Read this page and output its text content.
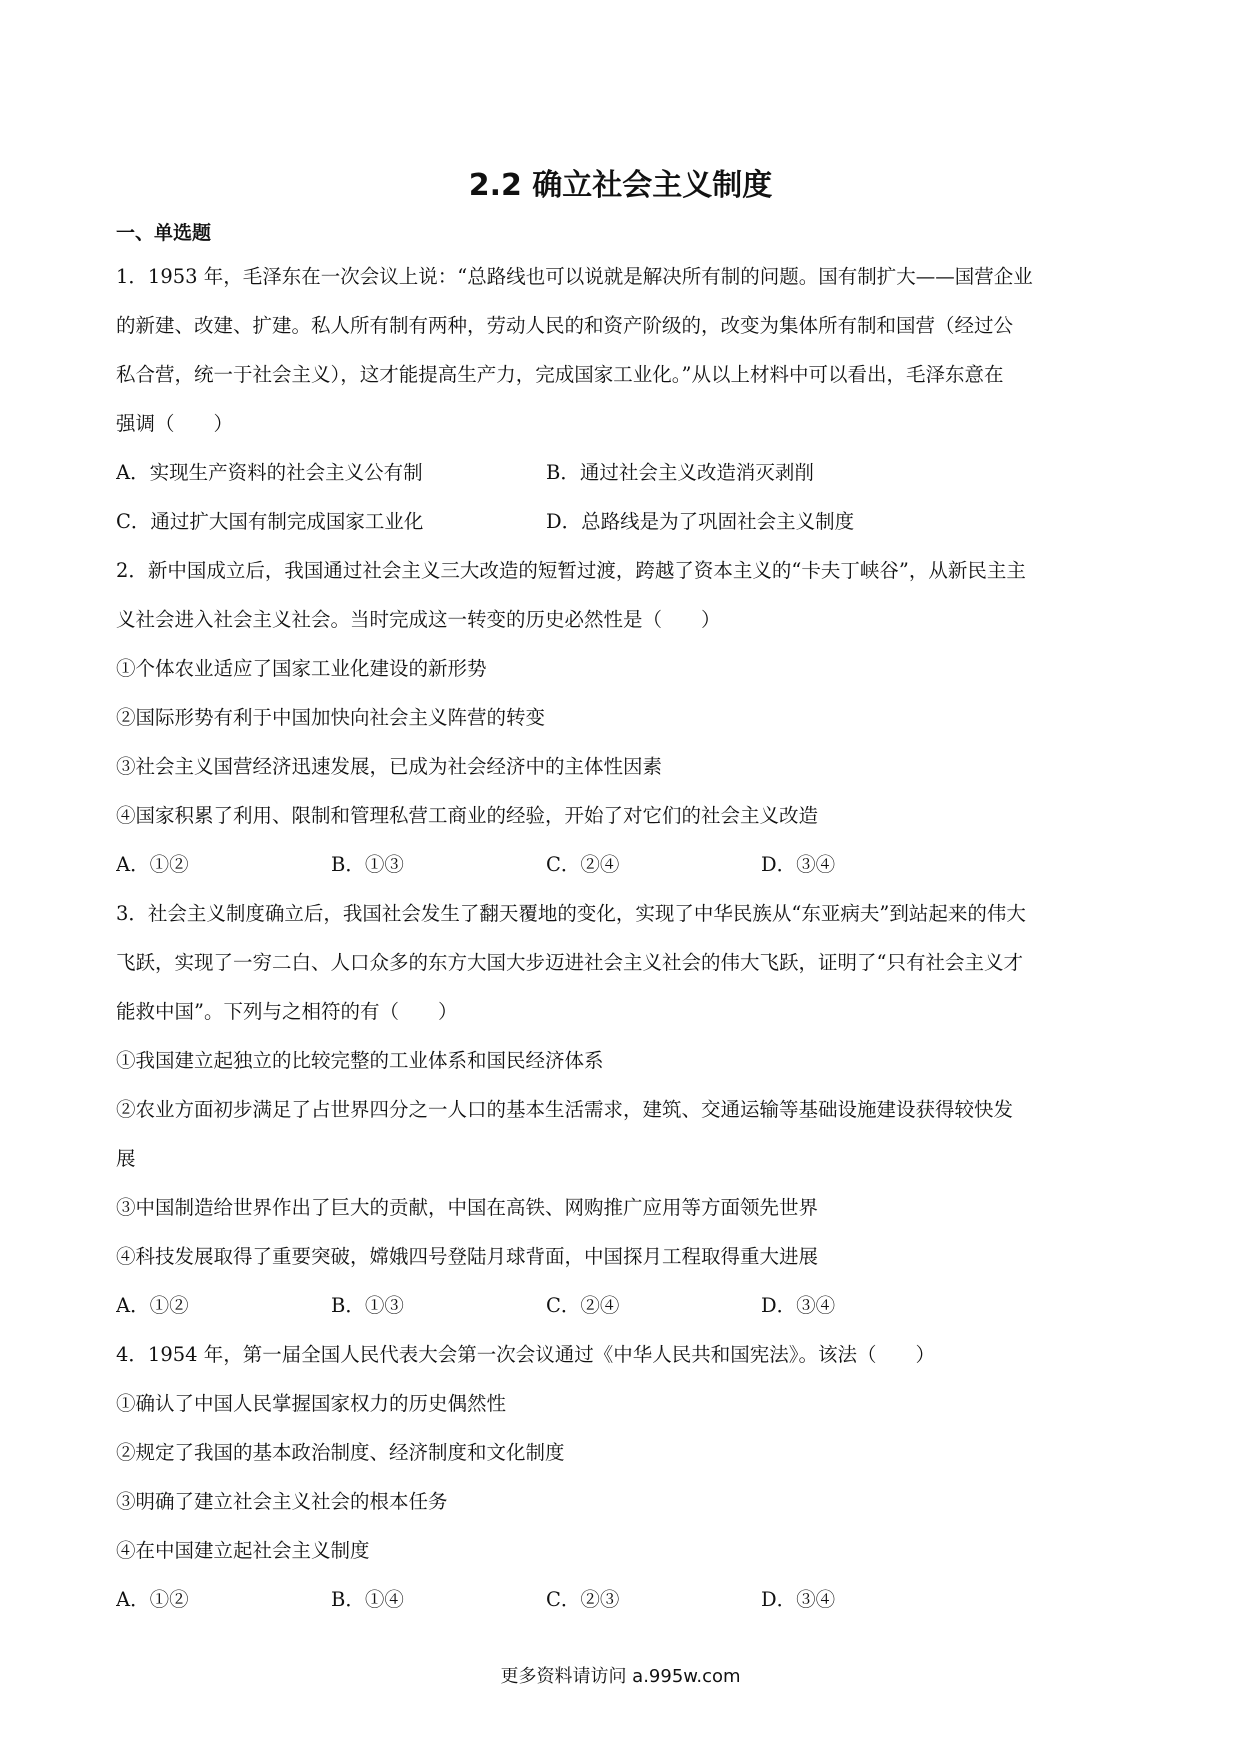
2.2 确立社会主义制度
一、单选题
1．1953 年，毛泽东在一次会议上说：“总路线也可以说就是解决所有制的问题。国有制扩大——国营企业
的新建、改建、扩建。私人所有制有两种，劳动人民的和资产阶级的，改变为集体所有制和国营（经过公
私合营，统一于社会主义），这才能提高生产力，完成国家工业化。”从以上材料中可以看出，毛泽东意在
强调（　　）
A．实现生产资料的社会主义公有制	B．通过社会主义改造消灭剥削
C．通过扩大国有制完成国家工业化	D．总路线是为了巩固社会主义制度
2．新中国成立后，我国通过社会主义三大改造的短暂过渡，跨越了资本主义的“卡夫丁峡谷”，从新民主主
义社会进入社会主义社会。当时完成这一转变的历史必然性是（　　）
①个体农业适应了国家工业化建设的新形势
②国际形势有利于中国加快向社会主义阵营的转变
③社会主义国营经济迅速发展，已成为社会经济中的主体性因素
④国家积累了利用、限制和管理私营工商业的经验，开始了对它们的社会主义改造
A．①②	B．①③	C．②④	D．③④
3．社会主义制度确立后，我国社会发生了翻天覆地的变化，实现了中华民族从“东亚病夫”到站起来的伟大
飞跃，实现了一穷二白、人口众多的东方大国大步迈进社会主义社会的伟大飞跃，证明了“只有社会主义才
能救中国”。下列与之相符的有（　　）
①我国建立起独立的比较完整的工业体系和国民经济体系
②农业方面初步满足了占世界四分之一人口的基本生活需求，建筑、交通运输等基础设施建设获得较快发
展
③中国制造给世界作出了巨大的贡献，中国在高铁、网购推广应用等方面领先世界
④科技发展取得了重要突破，嫦娥四号登陆月球背面，中国探月工程取得重大进展
A．①②	B．①③	C．②④	D．③④
4．1954 年，第一届全国人民代表大会第一次会议通过《中华人民共和国宪法》。该法（　　）
①确认了中国人民掌握国家权力的历史偶然性
②规定了我国的基本政治制度、经济制度和文化制度
③明确了建立社会主义社会的根本任务
④在中国建立起社会主义制度
A．①②	B．①④	C．②③	D．③④
更多资料请访问 a.995w.com
